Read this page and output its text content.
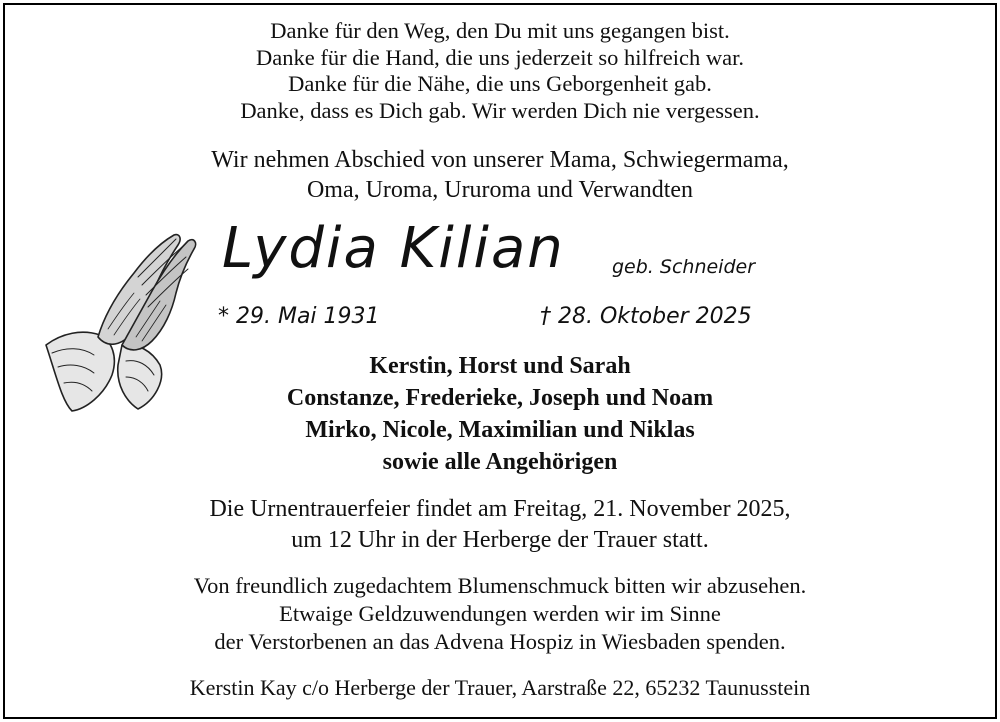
Danke für den Weg, den Du mit uns gegangen bist.
Danke für die Hand, die uns jederzeit so hilfreich war.
Danke für die Nähe, die uns Geborgenheit gab.
Danke, dass es Dich gab. Wir werden Dich nie vergessen.
Wir nehmen Abschied von unserer Mama, Schwiegermama,
Oma, Uroma, Ururoma und Verwandten
Lydia Kilian geb. Schneider
* 29. Mai 1931	† 28. Oktober 2025
Kerstin, Horst und Sarah
Constanze, Frederieke, Joseph und Noam
Mirko, Nicole, Maximilian und Niklas
sowie alle Angehörigen
Die Urnentrauerfeier findet am Freitag, 21. November 2025,
um 12 Uhr in der Herberge der Trauer statt.
Von freundlich zugedachtem Blumenschmuck bitten wir abzusehen.
Etwaige Geldzuwendungen werden wir im Sinne
der Verstorbenen an das Advena Hospiz in Wiesbaden spenden.
Kerstin Kay c/o Herberge der Trauer, Aarstraße 22, 65232 Taunusstein
